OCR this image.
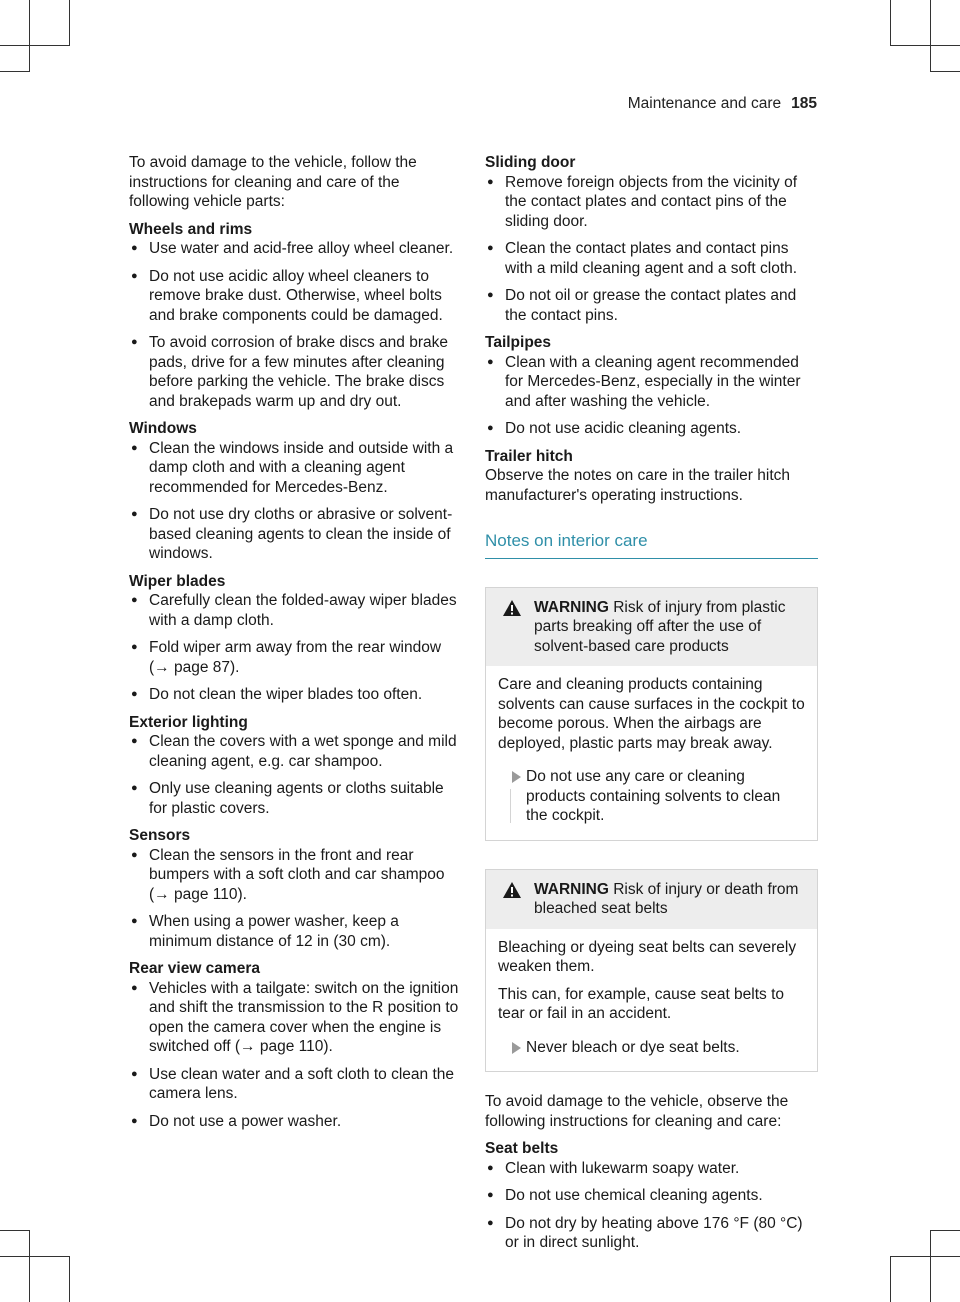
Maintenance and care 185

To avoid damage to the vehicle, follow the instructions for cleaning and care of the following vehicle parts:

Wheels and rims

● Use water and acid-free alloy wheel cleaner.
● Do not use acidic alloy wheel cleaners to remove brake dust. Otherwise, wheel bolts and brake components could be damaged.
● To avoid corrosion of brake discs and brake pads, drive for a few minutes after cleaning before parking the vehicle. The brake discs and brakepads warm up and dry out.

Windows

● Clean the windows inside and outside with a damp cloth and with a cleaning agent recommended for Mercedes-Benz.
● Do not use dry cloths or abrasive or solvent-based cleaning agents to clean the inside of windows.

Wiper blades

● Carefully clean the folded-away wiper blades with a damp cloth.
● Fold wiper arm away from the rear window (→ page 87).
● Do not clean the wiper blades too often.

Exterior lighting

● Clean the covers with a wet sponge and mild cleaning agent, e.g. car shampoo.
● Only use cleaning agents or cloths suitable for plastic covers.

Sensors

● Clean the sensors in the front and rear bumpers with a soft cloth and car shampoo (→ page 110).
● When using a power washer, keep a minimum distance of 12 in (30 cm).

Rear view camera

● Vehicles with a tailgate: switch on the ignition and shift the transmission to the R position to open the camera cover when the engine is switched off (→ page 110).
● Use clean water and a soft cloth to clean the camera lens.
● Do not use a power washer.

Sliding door

● Remove foreign objects from the vicinity of the contact plates and contact pins of the sliding door.
● Clean the contact plates and contact pins with a mild cleaning agent and a soft cloth.
● Do not oil or grease the contact plates and the contact pins.

Tailpipes

● Clean with a cleaning agent recommended for Mercedes-Benz, especially in the winter and after washing the vehicle.
● Do not use acidic cleaning agents.

Trailer hitch

Observe the notes on care in the trailer hitch manufacturer's operating instructions.

Notes on interior care
WARNING Risk of injury from plastic parts breaking off after the use of solvent-based care products

Care and cleaning products containing solvents can cause surfaces in the cockpit to become porous. When the airbags are deployed, plastic parts may break away.

Do not use any care or cleaning products containing solvents to clean the cockpit.
WARNING Risk of injury or death from bleached seat belts

Bleaching or dyeing seat belts can severely weaken them.

This can, for example, cause seat belts to tear or fail in an accident.

Never bleach or dye seat belts.

To avoid damage to the vehicle, observe the following instructions for cleaning and care:

Seat belts

● Clean with lukewarm soapy water.
● Do not use chemical cleaning agents.
● Do not dry by heating above 176 °F (80 °C) or in direct sunlight.
